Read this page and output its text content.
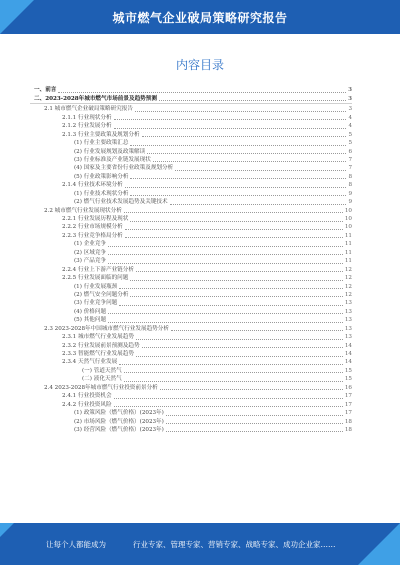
城市燃气企业破局策略研究报告
内容目录
一、前言	3
二、2023-2028年城市燃气市场前景及趋势预测	3
2.1 城市燃气企业破局策略研究报告	3
2.1.1 行业现状分析	4
2.1.2 行业发展分析	4
2.1.3 行业主要政策及规划分析	5
(1) 行业主要政策汇总	5
(2) 行业发展规划及政策解读	6
(3) 行业标准及产业链发展现状	7
(4) 国家及主要省份行业政策及规划分析	7
(5) 行业政策影响分析	8
2.1.4 行业技术环境分析	8
(1) 行业技术现状分析	9
(2) 燃气行业技术发展趋势及关键技术	9
2.2 城市燃气行业发展现状分析	10
2.2.1 行业发展历程及现状	10
2.2.2 行业市场规模分析	10
2.2.3 行业竞争格局分析	11
(1) 企业竞争	11
(2) 区域竞争	11
(3) 产品竞争	11
2.2.4 行业上下游产业链分析	12
2.2.5 行业发展面临的问题	12
(1) 行业发展瓶颈	12
(2) 燃气安全问题分析	12
(3) 行业竞争问题	13
(4) 价格问题	13
(5) 其他问题	13
2.3 2023-2028年中国城市燃气行业发展趋势分析	13
2.3.1 城市燃气行业发展趋势	13
2.3.2 行业发展前景预测及趋势	14
2.3.3 智能燃气行业发展趋势	14
2.3.4 天然气行业发展	14
(一) 管道天然气	15
(二) 液化天然气	15
2.4 2023-2028年城市燃气行业投资前景分析	16
2.4.1 行业投资机会	17
2.4.2 行业投资风险	17
(1) 政策风险（燃气价格）(2023年)	17
(2) 市场风险（燃气价格）(2023年)	18
(3) 经营风险（燃气价格）(2023年)	18
让每个人都能成为	行业专家、管理专家、营销专家、战略专家、成功企业家……
